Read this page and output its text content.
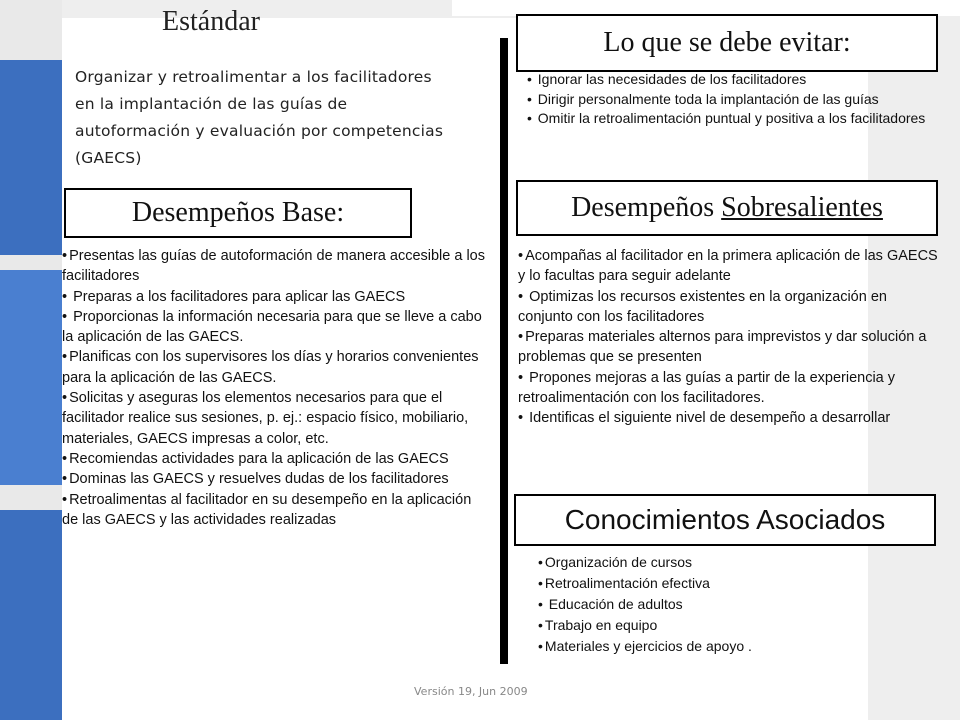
Estándar
Organizar y retroalimentar a los facilitadores en la implantación de las guías de autoformación y evaluación por competencias (GAECS)
Lo que se debe evitar:
• Ignorar las necesidades de los facilitadores
• Dirigir personalmente toda la implantación de las guías
• Omitir la retroalimentación puntual y positiva a los facilitadores
Desempeños Base:
• Presentas las guías de autoformación de manera accesible a los facilitadores
• Preparas a los facilitadores para aplicar las GAECS
• Proporcionas la información necesaria para que se lleve a cabo la aplicación de las GAECS.
• Planificas con los supervisores los días y horarios convenientes para la aplicación de las GAECS.
• Solicitas y aseguras los elementos necesarios para que el facilitador realice sus sesiones, p. ej.: espacio físico, mobiliario, materiales, GAECS impresas a color, etc.
• Recomiendas actividades para la aplicación de las GAECS
• Dominas las GAECS y resuelves dudas de los facilitadores
• Retroalimentas al facilitador en su desempeño en la aplicación de las GAECS y las actividades realizadas
Desempeños Sobresalientes
• Acompañas al facilitador en la primera aplicación de las GAECS y lo facultas para seguir adelante
• Optimizas los recursos existentes en la organización en conjunto con los facilitadores
• Preparas materiales alternos para imprevistos y dar solución a problemas que se presenten
• Propones mejoras a las guías a partir de la experiencia y retroalimentación con los facilitadores.
• Identificas el siguiente nivel de desempeño a desarrollar
Conocimientos Asociados
• Organización de cursos
• Retroalimentación efectiva
• Educación de adultos
• Trabajo en equipo
• Materiales y ejercicios de apoyo .
Versión 19, Jun 2009
